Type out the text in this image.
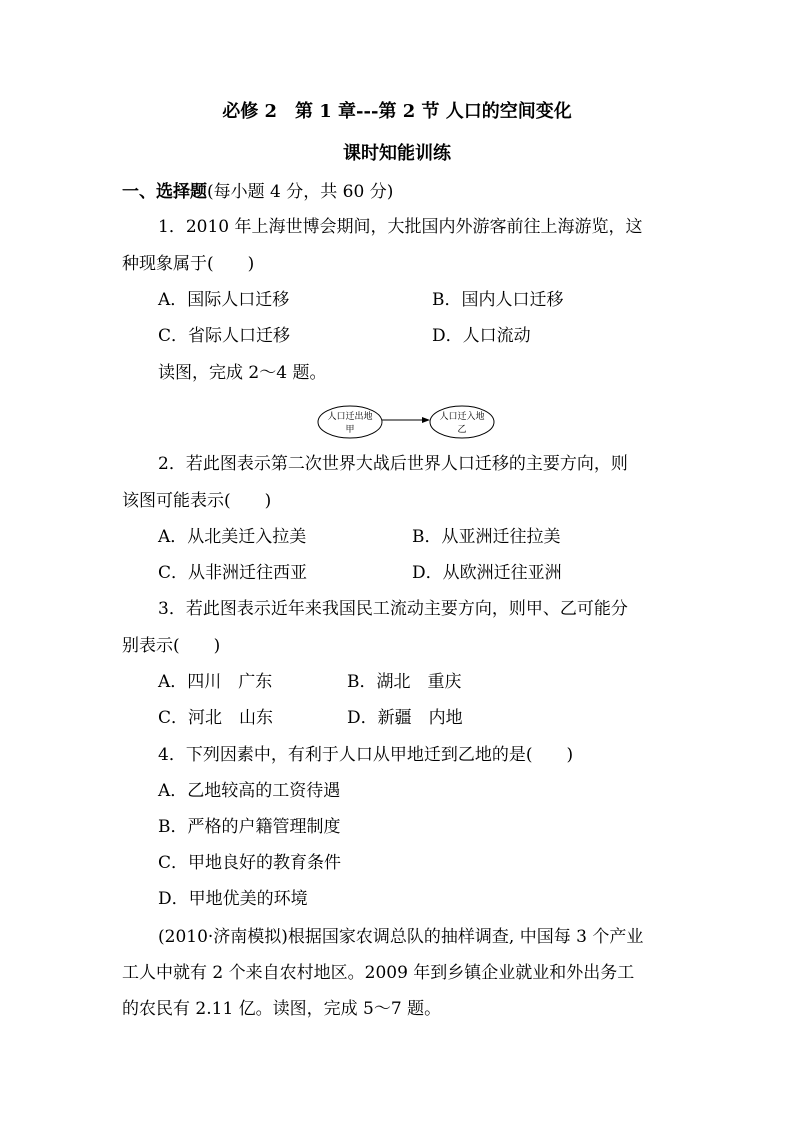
必修 2　第 1 章---第 2 节 人口的空间变化
课时知能训练
一、选择题(每小题 4 分，共 60 分)
1．2010 年上海世博会期间，大批国内外游客前往上海游览，这
种现象属于(　　)
A．国际人口迁移	B．国内人口迁移
C．省际人口迁移	D．人口流动
读图，完成 2～4 题。
人口迁出地
甲
人口迁入地
乙
2．若此图表示第二次世界大战后世界人口迁移的主要方向，则
该图可能表示(　　)
A．从北美迁入拉美	B．从亚洲迁往拉美
C．从非洲迁往西亚	D．从欧洲迁往亚洲
3．若此图表示近年来我国民工流动主要方向，则甲、乙可能分
别表示(　　)
A．四川　广东	B．湖北　重庆
C．河北　山东	D．新疆　内地
4．下列因素中，有利于人口从甲地迁到乙地的是(　　)
A．乙地较高的工资待遇
B．严格的户籍管理制度
C．甲地良好的教育条件
D．甲地优美的环境
(2010·济南模拟)根据国家农调总队的抽样调查, 中国每 3 个产业
工人中就有 2 个来自农村地区。2009 年到乡镇企业就业和外出务工
的农民有 2.11 亿。读图，完成 5～7 题。
